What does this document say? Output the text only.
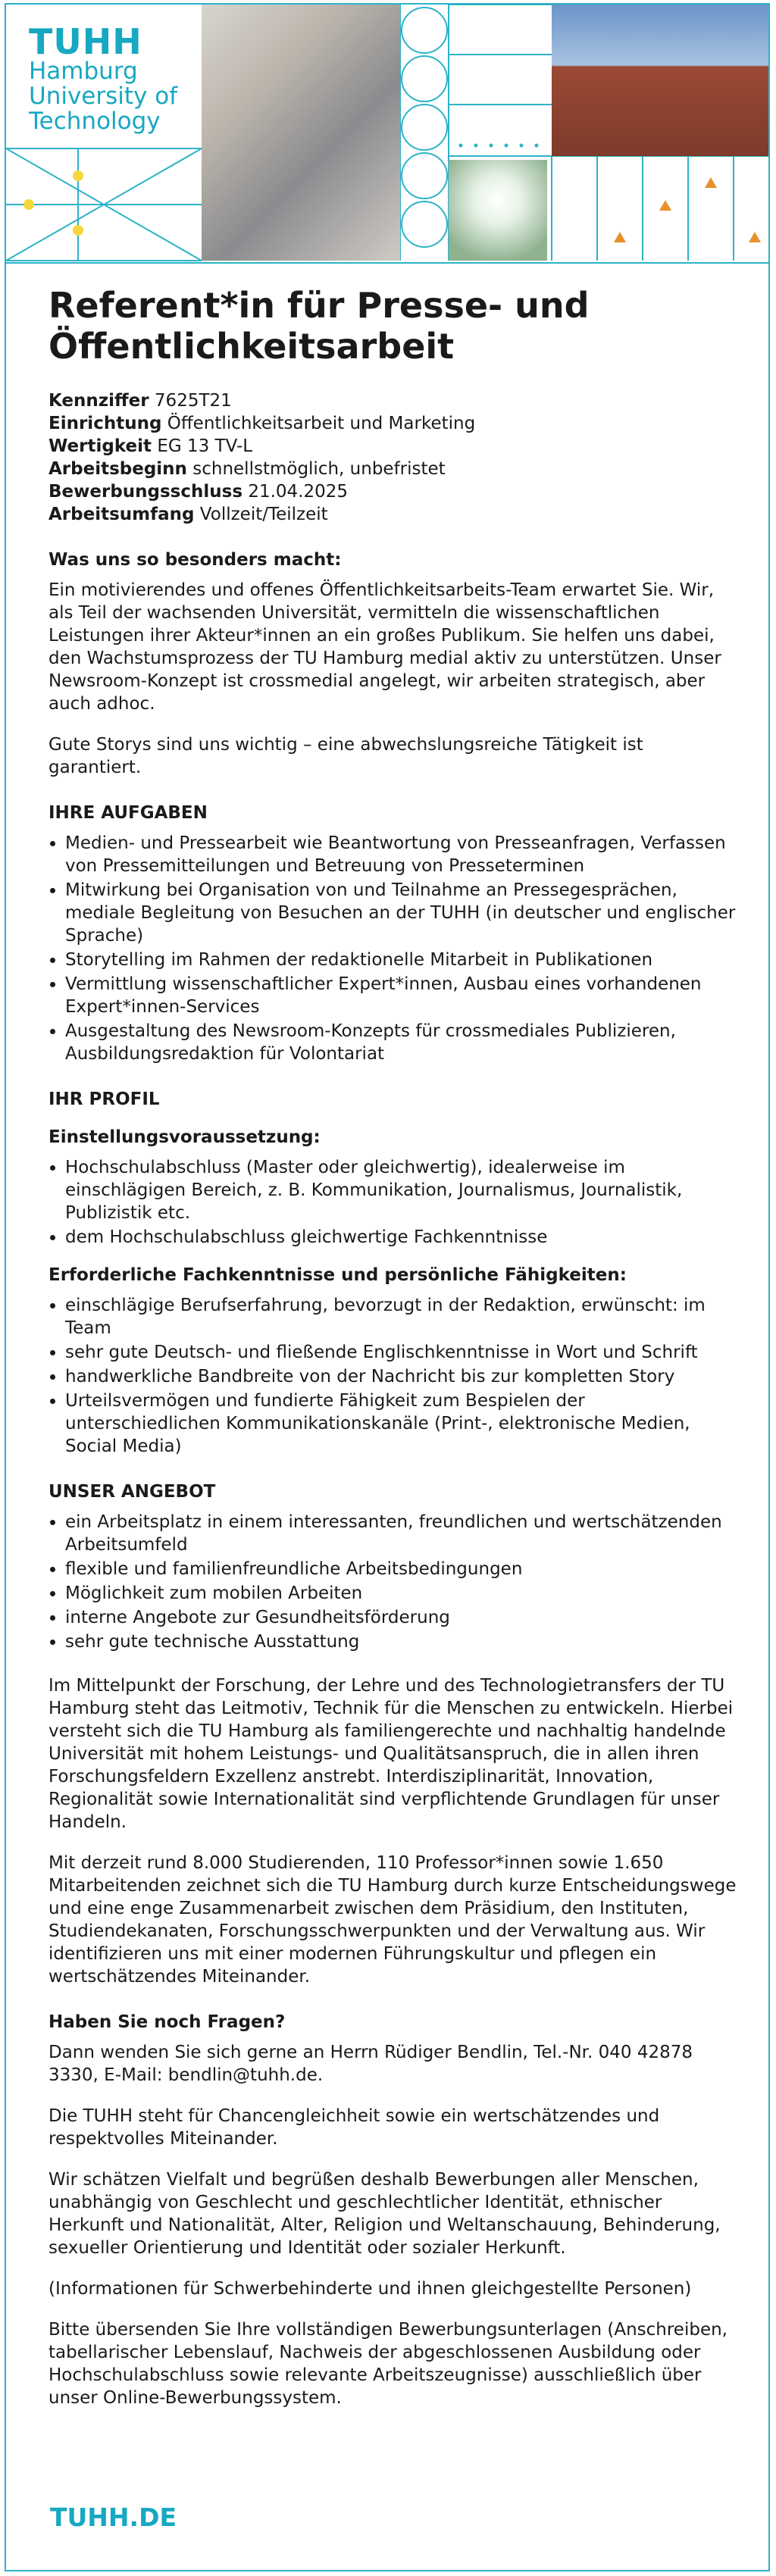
TUHH
Hamburg
University of
Technology
Referent*in für Presse- und
Öffentlichkeitsarbeit
Kennziffer 7625T21
Einrichtung Öffentlichkeitsarbeit und Marketing
Wertigkeit EG 13 TV-L
Arbeitsbeginn schnellstmöglich, unbefristet
Bewerbungsschluss 21.04.2025
Arbeitsumfang Vollzeit/Teilzeit
Was uns so besonders macht:

Ein motivierendes und offenes Öffentlichkeitsarbeits-Team erwartet Sie. Wir, als Teil der wachsenden Universität, vermitteln die wissenschaftlichen Leistungen ihrer Akteur*innen an ein großes Publikum. Sie helfen uns dabei, den Wachstumsprozess der TU Hamburg medial aktiv zu unterstützen. Unser Newsroom-Konzept ist crossmedial angelegt, wir arbeiten strategisch, aber auch adhoc.

Gute Storys sind uns wichtig – eine abwechslungsreiche Tätigkeit ist garantiert.

IHRE AUFGABEN
• Medien- und Pressearbeit wie Beantwortung von Presseanfragen, Verfassen von Pressemitteilungen und Betreuung von Presseterminen
• Mitwirkung bei Organisation von und Teilnahme an Pressegesprächen, mediale Begleitung von Besuchen an der TUHH (in deutscher und englischer Sprache)
• Storytelling im Rahmen der redaktionelle Mitarbeit in Publikationen
• Vermittlung wissenschaftlicher Expert*innen, Ausbau eines vorhandenen Expert*innen-Services
• Ausgestaltung des Newsroom-Konzepts für crossmediales Publizieren, Ausbildungsredaktion für Volontariat
IHR PROFIL
Einstellungsvoraussetzung:
• Hochschulabschluss (Master oder gleichwertig), idealerweise im einschlägigen Bereich, z. B. Kommunikation, Journalismus, Journalistik, Publizistik etc.
• dem Hochschulabschluss gleichwertige Fachkenntnisse
Erforderliche Fachkenntnisse und persönliche Fähigkeiten:
• einschlägige Berufserfahrung, bevorzugt in der Redaktion, erwünscht: im Team
• sehr gute Deutsch- und fließende Englischkenntnisse in Wort und Schrift
• handwerkliche Bandbreite von der Nachricht bis zur kompletten Story
• Urteilsvermögen und fundierte Fähigkeit zum Bespielen der unterschiedlichen Kommunikationskanäle (Print-, elektronische Medien, Social Media)
UNSER ANGEBOT
• ein Arbeitsplatz in einem interessanten, freundlichen und wertschätzenden Arbeitsumfeld
• flexible und familienfreundliche Arbeitsbedingungen
• Möglichkeit zum mobilen Arbeiten
• interne Angebote zur Gesundheitsförderung
• sehr gute technische Ausstattung

Im Mittelpunkt der Forschung, der Lehre und des Technologietransfers der TU Hamburg steht das Leitmotiv, Technik für die Menschen zu entwickeln. Hierbei versteht sich die TU Hamburg als familiengerechte und nachhaltig handelnde Universität mit hohem Leistungs- und Qualitätsanspruch, die in allen ihren Forschungsfeldern Exzellenz anstrebt. Interdisziplinarität, Innovation, Regionalität sowie Internationalität sind verpflichtende Grundlagen für unser Handeln.

Mit derzeit rund 8.000 Studierenden, 110 Professor*innen sowie 1.650 Mitarbeitenden zeichnet sich die TU Hamburg durch kurze Entscheidungswege und eine enge Zusammenarbeit zwischen dem Präsidium, den Instituten, Studiendekanaten, Forschungsschwerpunkten und der Verwaltung aus. Wir identifizieren uns mit einer modernen Führungskultur und pflegen ein wertschätzendes Miteinander.

Haben Sie noch Fragen?

Dann wenden Sie sich gerne an Herrn Rüdiger Bendlin, Tel.-Nr. 040 42878 3330, E-Mail: bendlin@tuhh.de.

Die TUHH steht für Chancengleichheit sowie ein wertschätzendes und respektvolles Miteinander.

Wir schätzen Vielfalt und begrüßen deshalb Bewerbungen aller Menschen, unabhängig von Geschlecht und geschlechtlicher Identität, ethnischer Herkunft und Nationalität, Alter, Religion und Weltanschauung, Behinderung, sexueller Orientierung und Identität oder sozialer Herkunft.

(Informationen für Schwerbehinderte und ihnen gleichgestellte Personen)

Bitte übersenden Sie Ihre vollständigen Bewerbungsunterlagen (Anschreiben, tabellarischer Lebenslauf, Nachweis der abgeschlossenen Ausbildung oder Hochschulabschluss sowie relevante Arbeitszeugnisse) ausschließlich über unser Online-Bewerbungssystem.

TUHH.DE
